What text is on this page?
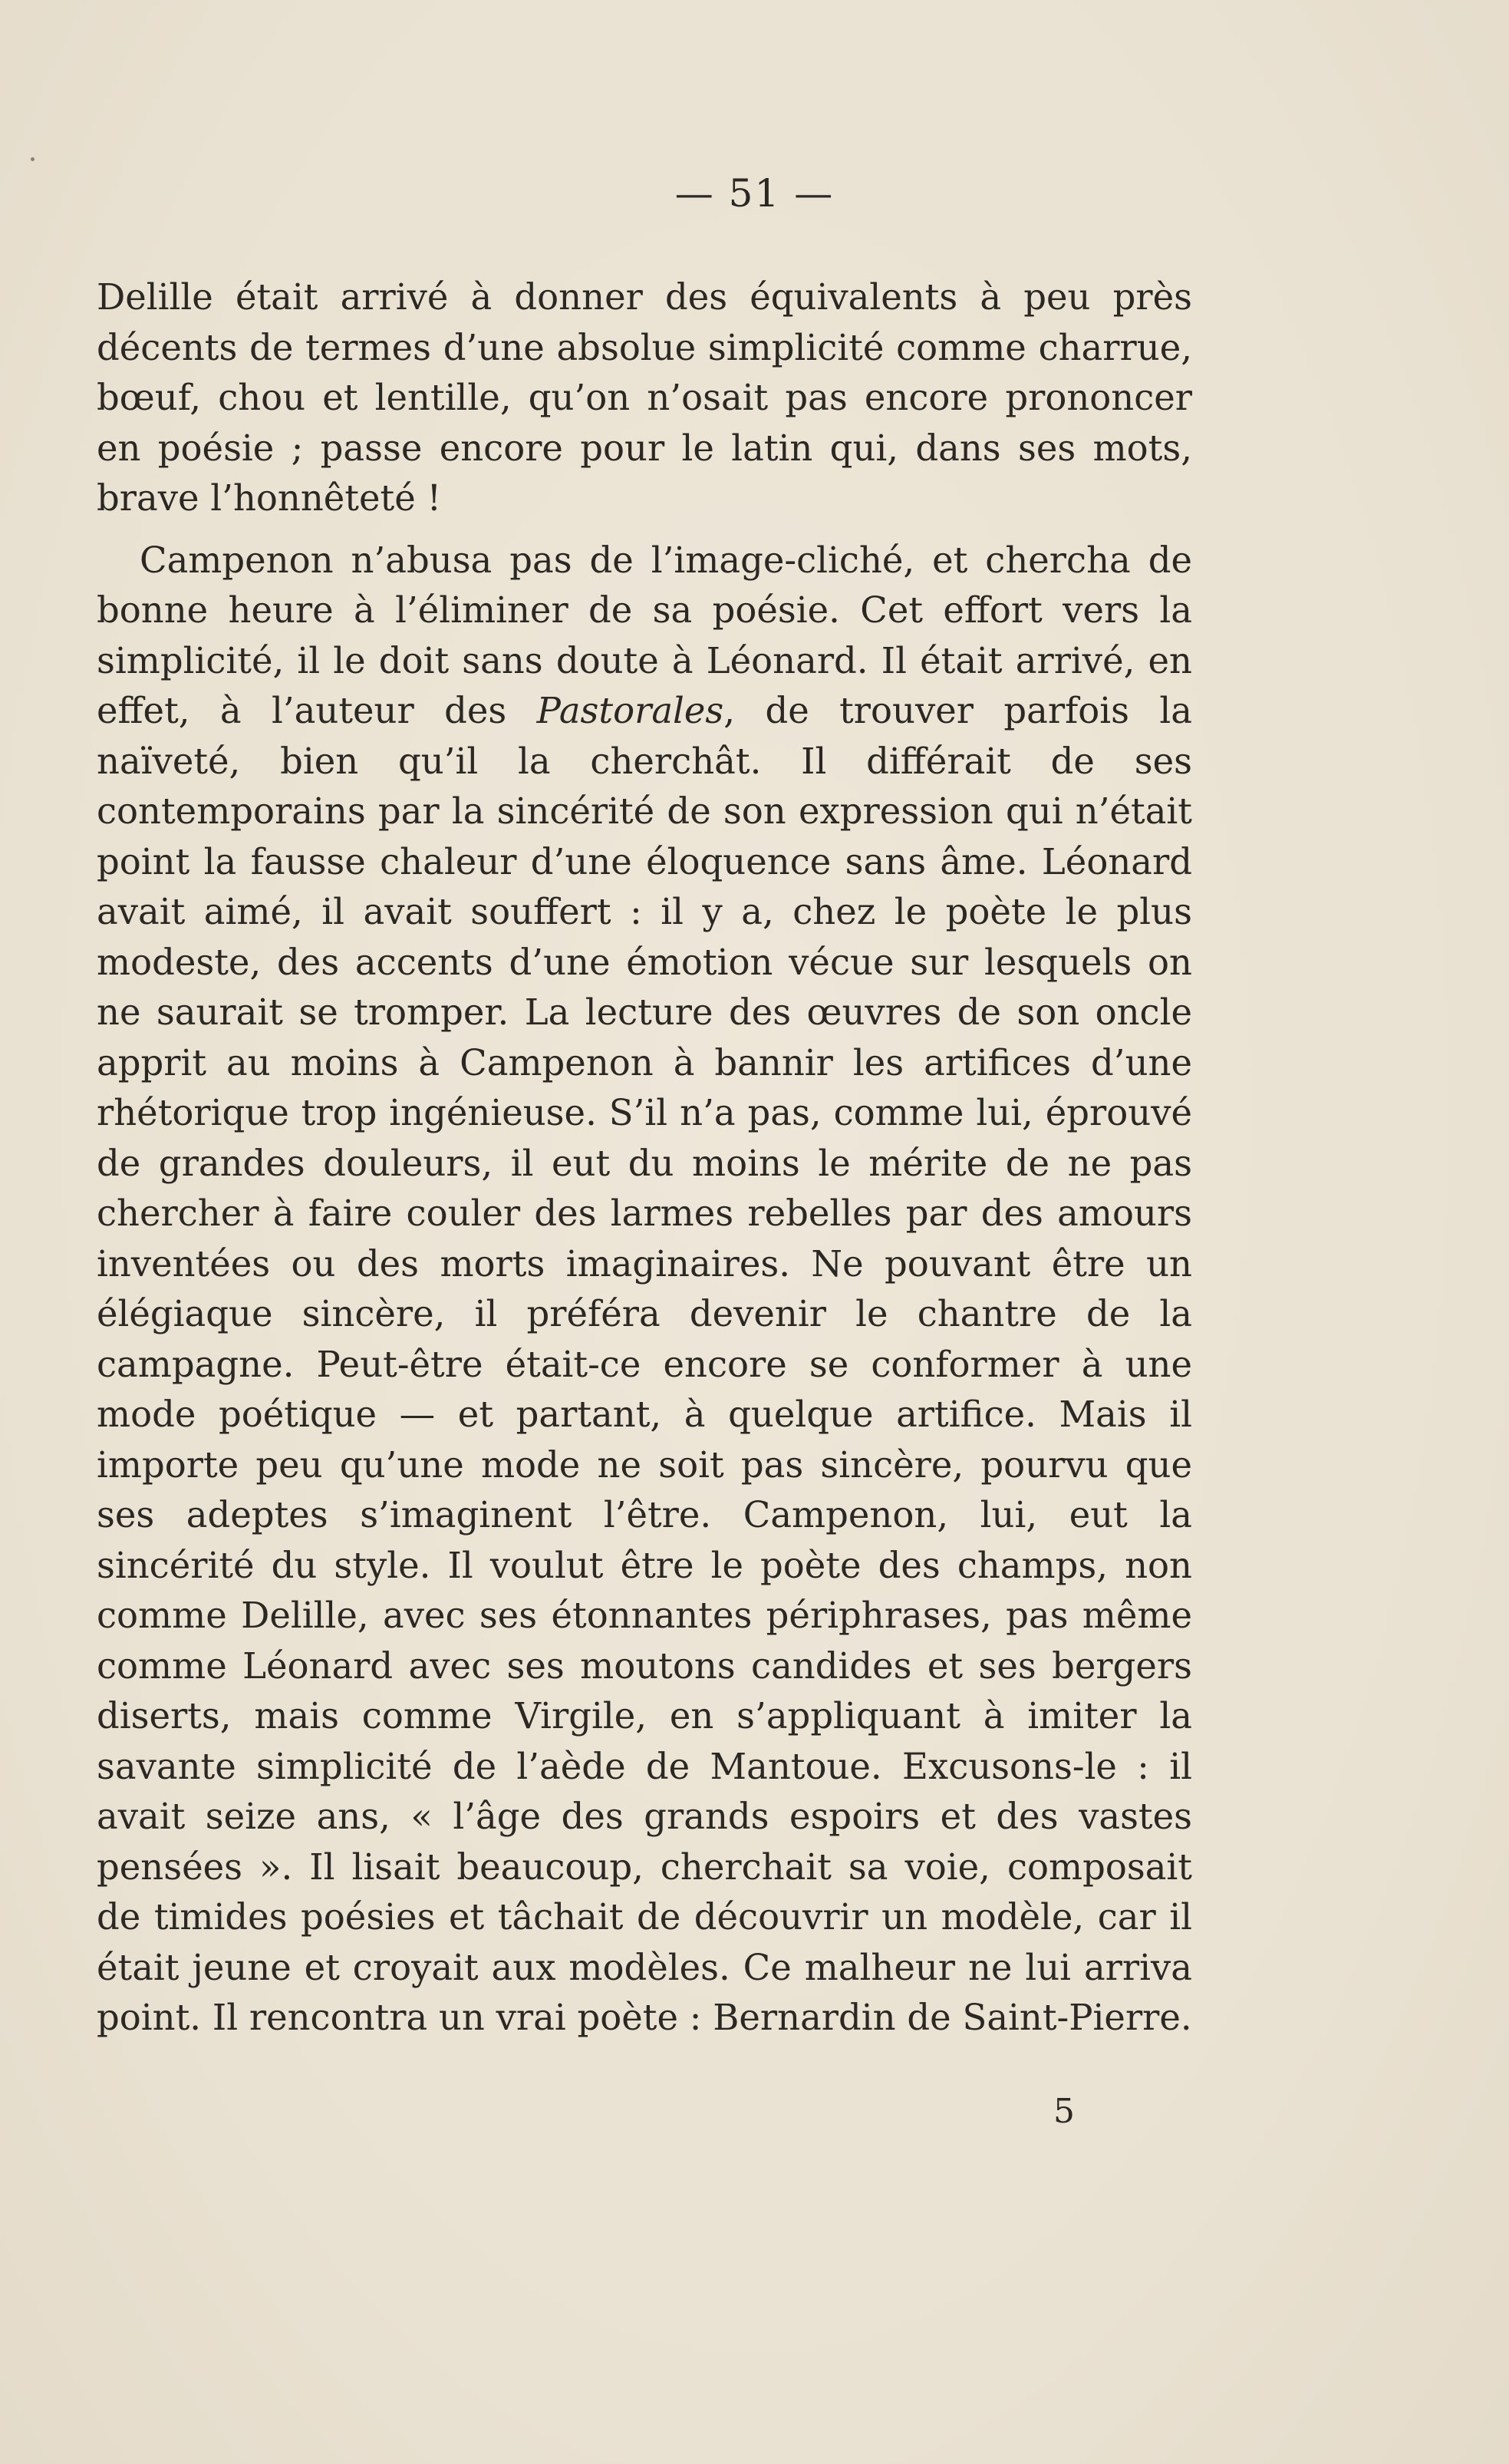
— 51 —

Delille était arrivé à donner des équivalents à peu près décents de termes d’une absolue simplicité comme charrue, bœuf, chou et lentille, qu’on n’osait pas encore prononcer en poésie ; passe encore pour le latin qui, dans ses mots, brave l’honnêteté !

Campenon n’abusa pas de l’image-cliché, et chercha de bonne heure à l’éliminer de sa poésie. Cet effort vers la simplicité, il le doit sans doute à Léonard. Il était arrivé, en effet, à l’auteur des Pastorales, de trouver parfois la naïveté, bien qu’il la cherchât. Il différait de ses contemporains par la sincérité de son expression qui n’était point la fausse chaleur d’une éloquence sans âme. Léonard avait aimé, il avait souffert : il y a, chez le poète le plus modeste, des accents d’une émotion vécue sur lesquels on ne saurait se tromper. La lecture des œuvres de son oncle apprit au moins à Campenon à bannir les artifices d’une rhétorique trop ingénieuse. S’il n’a pas, comme lui, éprouvé de grandes douleurs, il eut du moins le mérite de ne pas chercher à faire couler des larmes rebelles par des amours inventées ou des morts imaginaires. Ne pouvant être un élégiaque sincère, il préféra devenir le chantre de la campagne. Peut-être était-ce encore se conformer à une mode poétique — et partant, à quelque artifice. Mais il importe peu qu’une mode ne soit pas sincère, pourvu que ses adeptes s’imaginent l’être. Campenon, lui, eut la sincérité du style. Il voulut être le poète des champs, non comme Delille, avec ses étonnantes périphrases, pas même comme Léonard avec ses moutons candides et ses bergers diserts, mais comme Virgile, en s’appliquant à imiter la savante simplicité de l’aède de Mantoue. Excusons-le : il avait seize ans, « l’âge des grands espoirs et des vastes pensées ». Il lisait beaucoup, cherchait sa voie, composait de timides poésies et tâchait de découvrir un modèle, car il était jeune et croyait aux modèles. Ce malheur ne lui arriva point. Il rencontra un vrai poète : Bernardin de Saint-Pierre.

5
